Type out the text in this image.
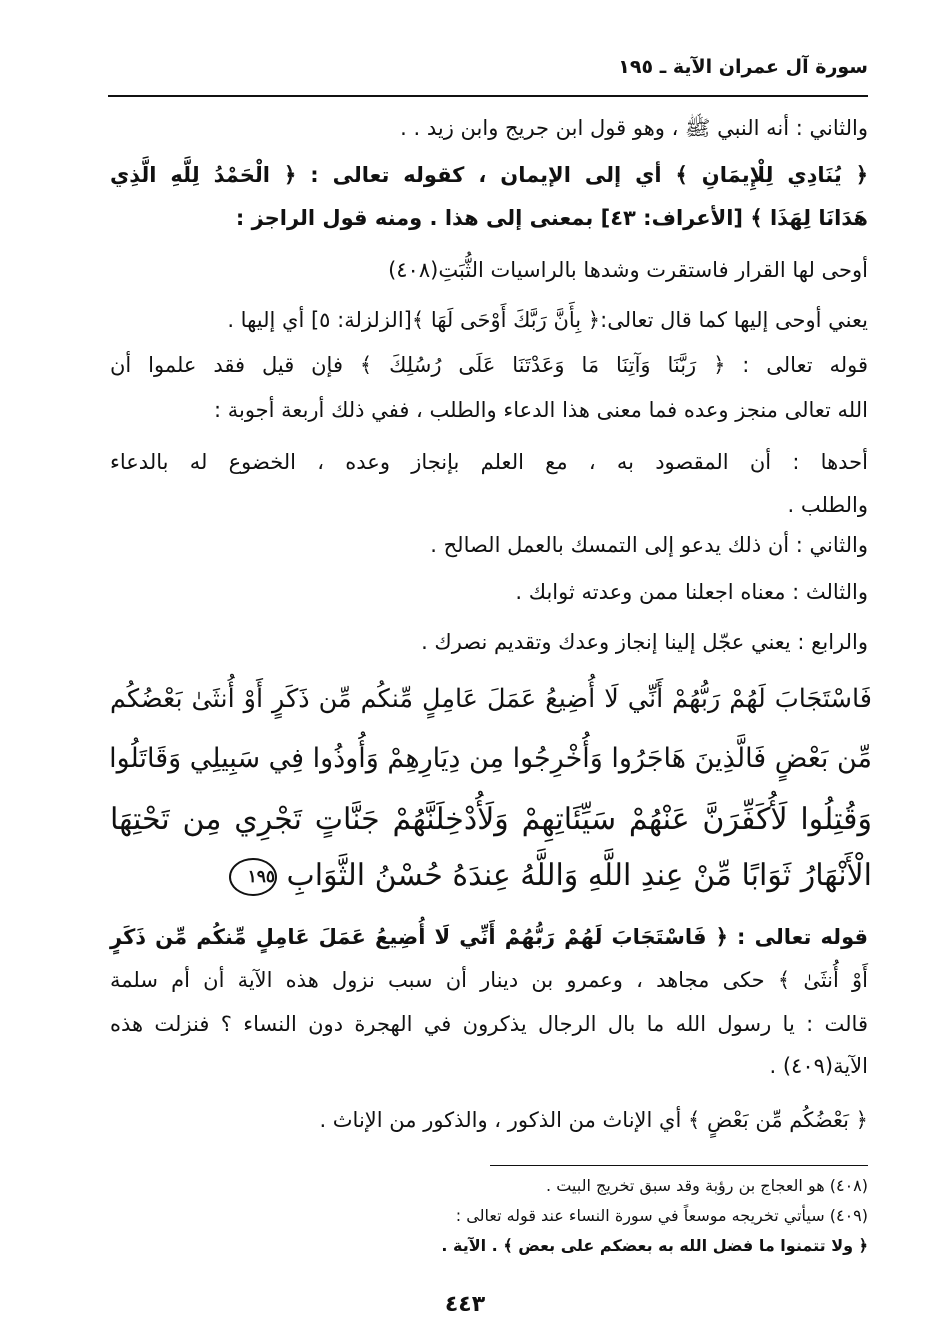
سورة آل عمران الآية ـ ١٩٥
والثاني : أنه النبي ﷺ ، وهو قول ابن جريج وابن زيد . .
﴿ يُنَادِي لِلْإِيمَانِ ﴾ أي إلى الإيمان ، كقوله تعالى : ﴿ الْحَمْدُ لِلَّهِ الَّذِي
هَدَانَا لِهَذَا ﴾ [الأعراف: ٤٣] بمعنى إلى هذا . ومنه قول الراجز :
أوحى لها القرار فاستقرت وشدها بالراسيات الثُّبَتِ(٤٠٨)
يعني أوحى إليها كما قال تعالى:﴿ بِأَنَّ رَبَّكَ أَوْحَى لَهَا ﴾[الزلزلة: ٥] أي إليها .
قوله تعالى : ﴿ رَبَّنَا وَآتِنَا مَا وَعَدْتَنَا عَلَى رُسُلِكَ ﴾ فإن قيل فقد علموا أن
الله تعالى منجز وعده فما معنى هذا الدعاء والطلب ، ففي ذلك أربعة أجوبة :
أحدها : أن المقصود به ، مع العلم بإنجاز وعده ، الخضوع له بالدعاء
والطلب .
والثاني : أن ذلك يدعو إلى التمسك بالعمل الصالح .
والثالث : معناه اجعلنا ممن وعدته ثوابك .
والرابع : يعني عجّل إلينا إنجاز وعدك وتقديم نصرك .
فَاسْتَجَابَ لَهُمْ رَبُّهُمْ أَنِّي لَا أُضِيعُ عَمَلَ عَامِلٍ مِّنكُم مِّن ذَكَرٍ أَوْ أُنثَىٰ بَعْضُكُم
مِّن بَعْضٍ فَالَّذِينَ هَاجَرُوا وَأُخْرِجُوا مِن دِيَارِهِمْ وَأُوذُوا فِي سَبِيلِي وَقَاتَلُوا
وَقُتِلُوا لَأُكَفِّرَنَّ عَنْهُمْ سَيِّئَاتِهِمْ وَلَأُدْخِلَنَّهُمْ جَنَّاتٍ تَجْرِي مِن تَحْتِهَا
الْأَنْهَارُ ثَوَابًا مِّنْ عِندِ اللَّهِ وَاللَّهُ عِندَهُ حُسْنُ الثَّوَابِ ١٩٥
قوله تعالى : ﴿ فَاسْتَجَابَ لَهُمْ رَبُّهُمْ أَنِّي لَا أُضِيعُ عَمَلَ عَامِلٍ مِّنكُم مِّن ذَكَرٍ
أَوْ أُنثَىٰ ﴾ حكى مجاهد ، وعمرو بن دينار أن سبب نزول هذه الآية أن أم سلمة
قالت : يا رسول الله ما بال الرجال يذكرون في الهجرة دون النساء ؟ فنزلت هذه
الآية(٤٠٩) .
﴿ بَعْضُكُم مِّن بَعْضٍ ﴾ أي الإناث من الذكور ، والذكور من الإناث .
(٤٠٨) هو العجاج بن رؤبة وقد سبق تخريج البيت .
(٤٠٩) سيأتي تخريجه موسعاً في سورة النساء عند قوله تعالى :
﴿ ولا تتمنوا ما فضل الله به بعضكم على بعض ﴾ . الآية .
٤٤٣
